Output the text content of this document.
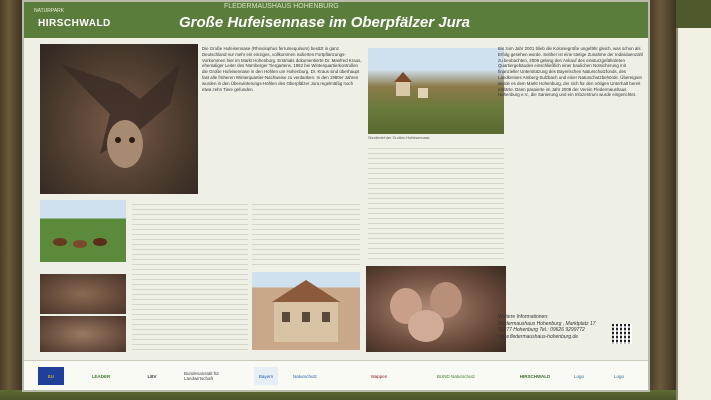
NATURPARK
HIRSCHWALD
FLEDERMAUSHAUS HOHENBURG
Große Hufeisennase im Oberpfälzer Jura
Die Große Hufeisennase (Rhinolophus ferrumequinum) besitzt in ganz Deutschland nur mehr ein einziges, vollkommen isoliertes Fortpflanzungs-Vorkommen hier im Markt Hohenburg. Erstmals dokumentierte Dr. Manfred Kraus, ehemaliger Leiter des Nürnberger Tiergartens, 1962 bei Winterquartierkontrollen die Große Hufeisennase in den Höhlen um Hohenburg. Dr. Kraus sind überhaupt fast alle früheren Winterquartier-Nachweise zu verdanken. In den 1980er Jahren wurden in den Überwinterungs-Höhlen des Oberpfälzer Jura regelmäßig noch etwa zehn Tiere gefunden.
Steckbrief der Großen Hufeisennase
Bis zum Jahr 2001 blieb die Koloniegröße ungefähr gleich, was schon als Erfolg gesehen wurde. Seither ist eine stetige Zunahme der Individuenzahl zu beobachten, 2008 gelang den Ankauf des einsturzgefährdeten Quartiergebäudes einschließlich einer baulichen Notsicherung mit finanzieller Unterstützung des Bayerischen Naturschutzfonds, des Landkreises Amberg-Sulzbach und einer Naturschutzbehörde. Übereignet wurde es dem Markt Hohenburg, der sich für den nötigen Unterhalt bereit erklärte. Dann passierte im Jahr 2009 der Verein Fledermaushaus Hohenburg e.V., die Sanierung und ein Infozentrum wurde eingerichtet.
Weitere Informationen:
Fledermaushaus Hohenburg , Marktplatz 17
92277 Hohenburg Tel.: 09626 9299772
www.fledermaushaus-hohenburg.de
EU	LEADER	LBV	Bundesanstalt für Landwirtschaft	Bayern	Naturschutz	Wappen	BUND Naturschutz	HIRSCHWALD	Logo	Logo
